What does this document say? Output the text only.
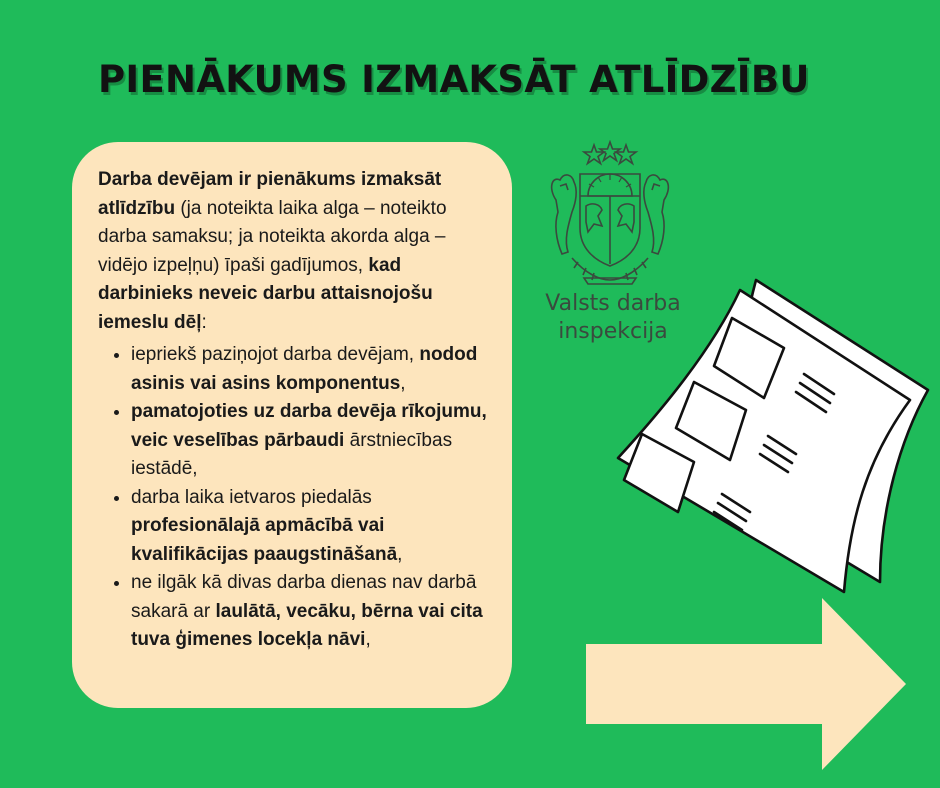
PIENĀKUMS IZMAKSĀT ATLĪDZĪBU

Darba devējam ir pienākums izmaksāt atlīdzību (ja noteikta laika alga – noteikto darba samaksu; ja noteikta akorda alga – vidējo izpeļņu) īpaši gadījumos, kad darbinieks neveic darbu attaisnojošu iemeslu dēļ:

• iepriekš paziņojot darba devējam, nodod asinis vai asins komponentus,
• pamatojoties uz darba devēja rīkojumu, veic veselības pārbaudi ārstniecības iestādē,
• darba laika ietvaros piedalās profesionālajā apmācībā vai kvalifikācijas paaugstināšanā,
• ne ilgāk kā divas darba dienas nav darbā sakarā ar laulātā, vecāku, bērna vai cita tuva ģimenes locekļa nāvi,
Valsts darba
inspekcija
